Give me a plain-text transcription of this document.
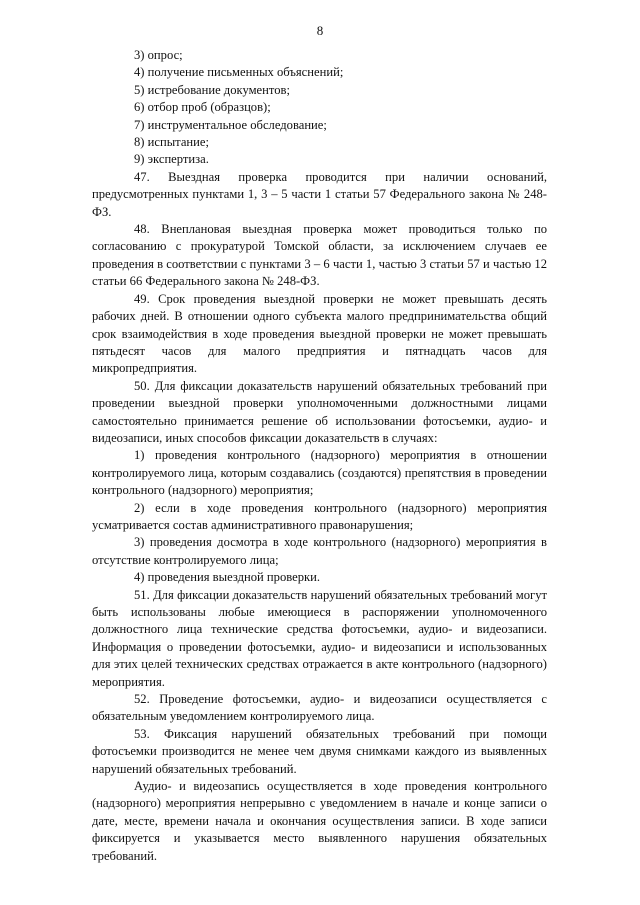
8

3) опрос;

4) получение письменных объяснений;

5) истребование документов;

6) отбор проб (образцов);

7) инструментальное обследование;

8) испытание;

9) экспертиза.

47. Выездная проверка проводится при наличии оснований, предусмотренных пунктами 1, 3 – 5 части 1 статьи 57 Федерального закона № 248-ФЗ.

48. Внеплановая выездная проверка может проводиться только по согласованию с прокуратурой Томской области, за исключением случаев ее проведения в соответствии с пунктами 3 – 6 части 1, частью 3 статьи 57 и частью 12 статьи 66 Федерального закона № 248-ФЗ.

49. Срок проведения выездной проверки не может превышать десять рабочих дней. В отношении одного субъекта малого предпринимательства общий срок взаимодействия в ходе проведения выездной проверки не может превышать пятьдесят часов для малого предприятия и пятнадцать часов для микропредприятия.

50. Для фиксации доказательств нарушений обязательных требований при проведении выездной проверки уполномоченными должностными лицами самостоятельно принимается решение об использовании фотосъемки, аудио- и видеозаписи, иных способов фиксации доказательств в случаях:

1) проведения контрольного (надзорного) мероприятия в отношении контролируемого лица, которым создавались (создаются) препятствия в проведении контрольного (надзорного) мероприятия;

2) если в ходе проведения контрольного (надзорного) мероприятия усматривается состав административного правонарушения;

3) проведения досмотра в ходе контрольного (надзорного) мероприятия в отсутствие контролируемого лица;

4) проведения выездной проверки.

51. Для фиксации доказательств нарушений обязательных требований могут быть использованы любые имеющиеся в распоряжении уполномоченного должностного лица технические средства фотосъемки, аудио- и видеозаписи. Информация о проведении фотосъемки, аудио- и видеозаписи и использованных для этих целей технических средствах отражается в акте контрольного (надзорного) мероприятия.

52. Проведение фотосъемки, аудио- и видеозаписи осуществляется с обязательным уведомлением контролируемого лица.

53. Фиксация нарушений обязательных требований при помощи фотосъемки производится не менее чем двумя снимками каждого из выявленных нарушений обязательных требований.

Аудио- и видеозапись осуществляется в ходе проведения контрольного (надзорного) мероприятия непрерывно с уведомлением в начале и конце записи о дате, месте, времени начала и окончания осуществления записи. В ходе записи фиксируется и указывается место выявленного нарушения обязательных требований.
